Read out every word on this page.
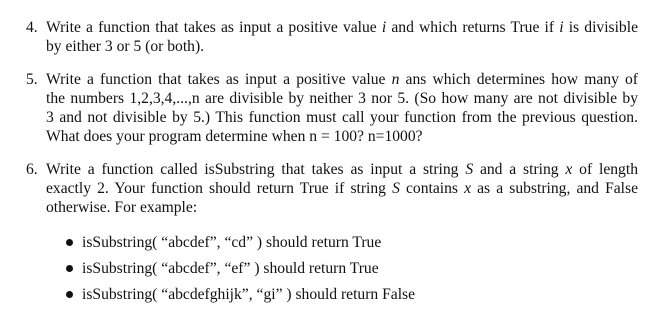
4. Write a function that takes as input a positive value i and which returns True if i is divisible
by either 3 or 5 (or both).
5. Write a function that takes as input a positive value n ans which determines how many of
the numbers 1,2,3,4,...,n are divisible by neither 3 nor 5. (So how many are not divisible by
3 and not divisible by 5.) This function must call your function from the previous question.
What does your program determine when n = 100? n=1000?
6. Write a function called isSubstring that takes as input a string S and a string x of length
exactly 2. Your function should return True if string S contains x as a substring, and False
otherwise. For example:
isSubstring( “abcdef”, “cd” ) should return True
isSubstring( “abcdef”, “ef” ) should return True
isSubstring( “abcdefghijk”, “gi” ) should return False
